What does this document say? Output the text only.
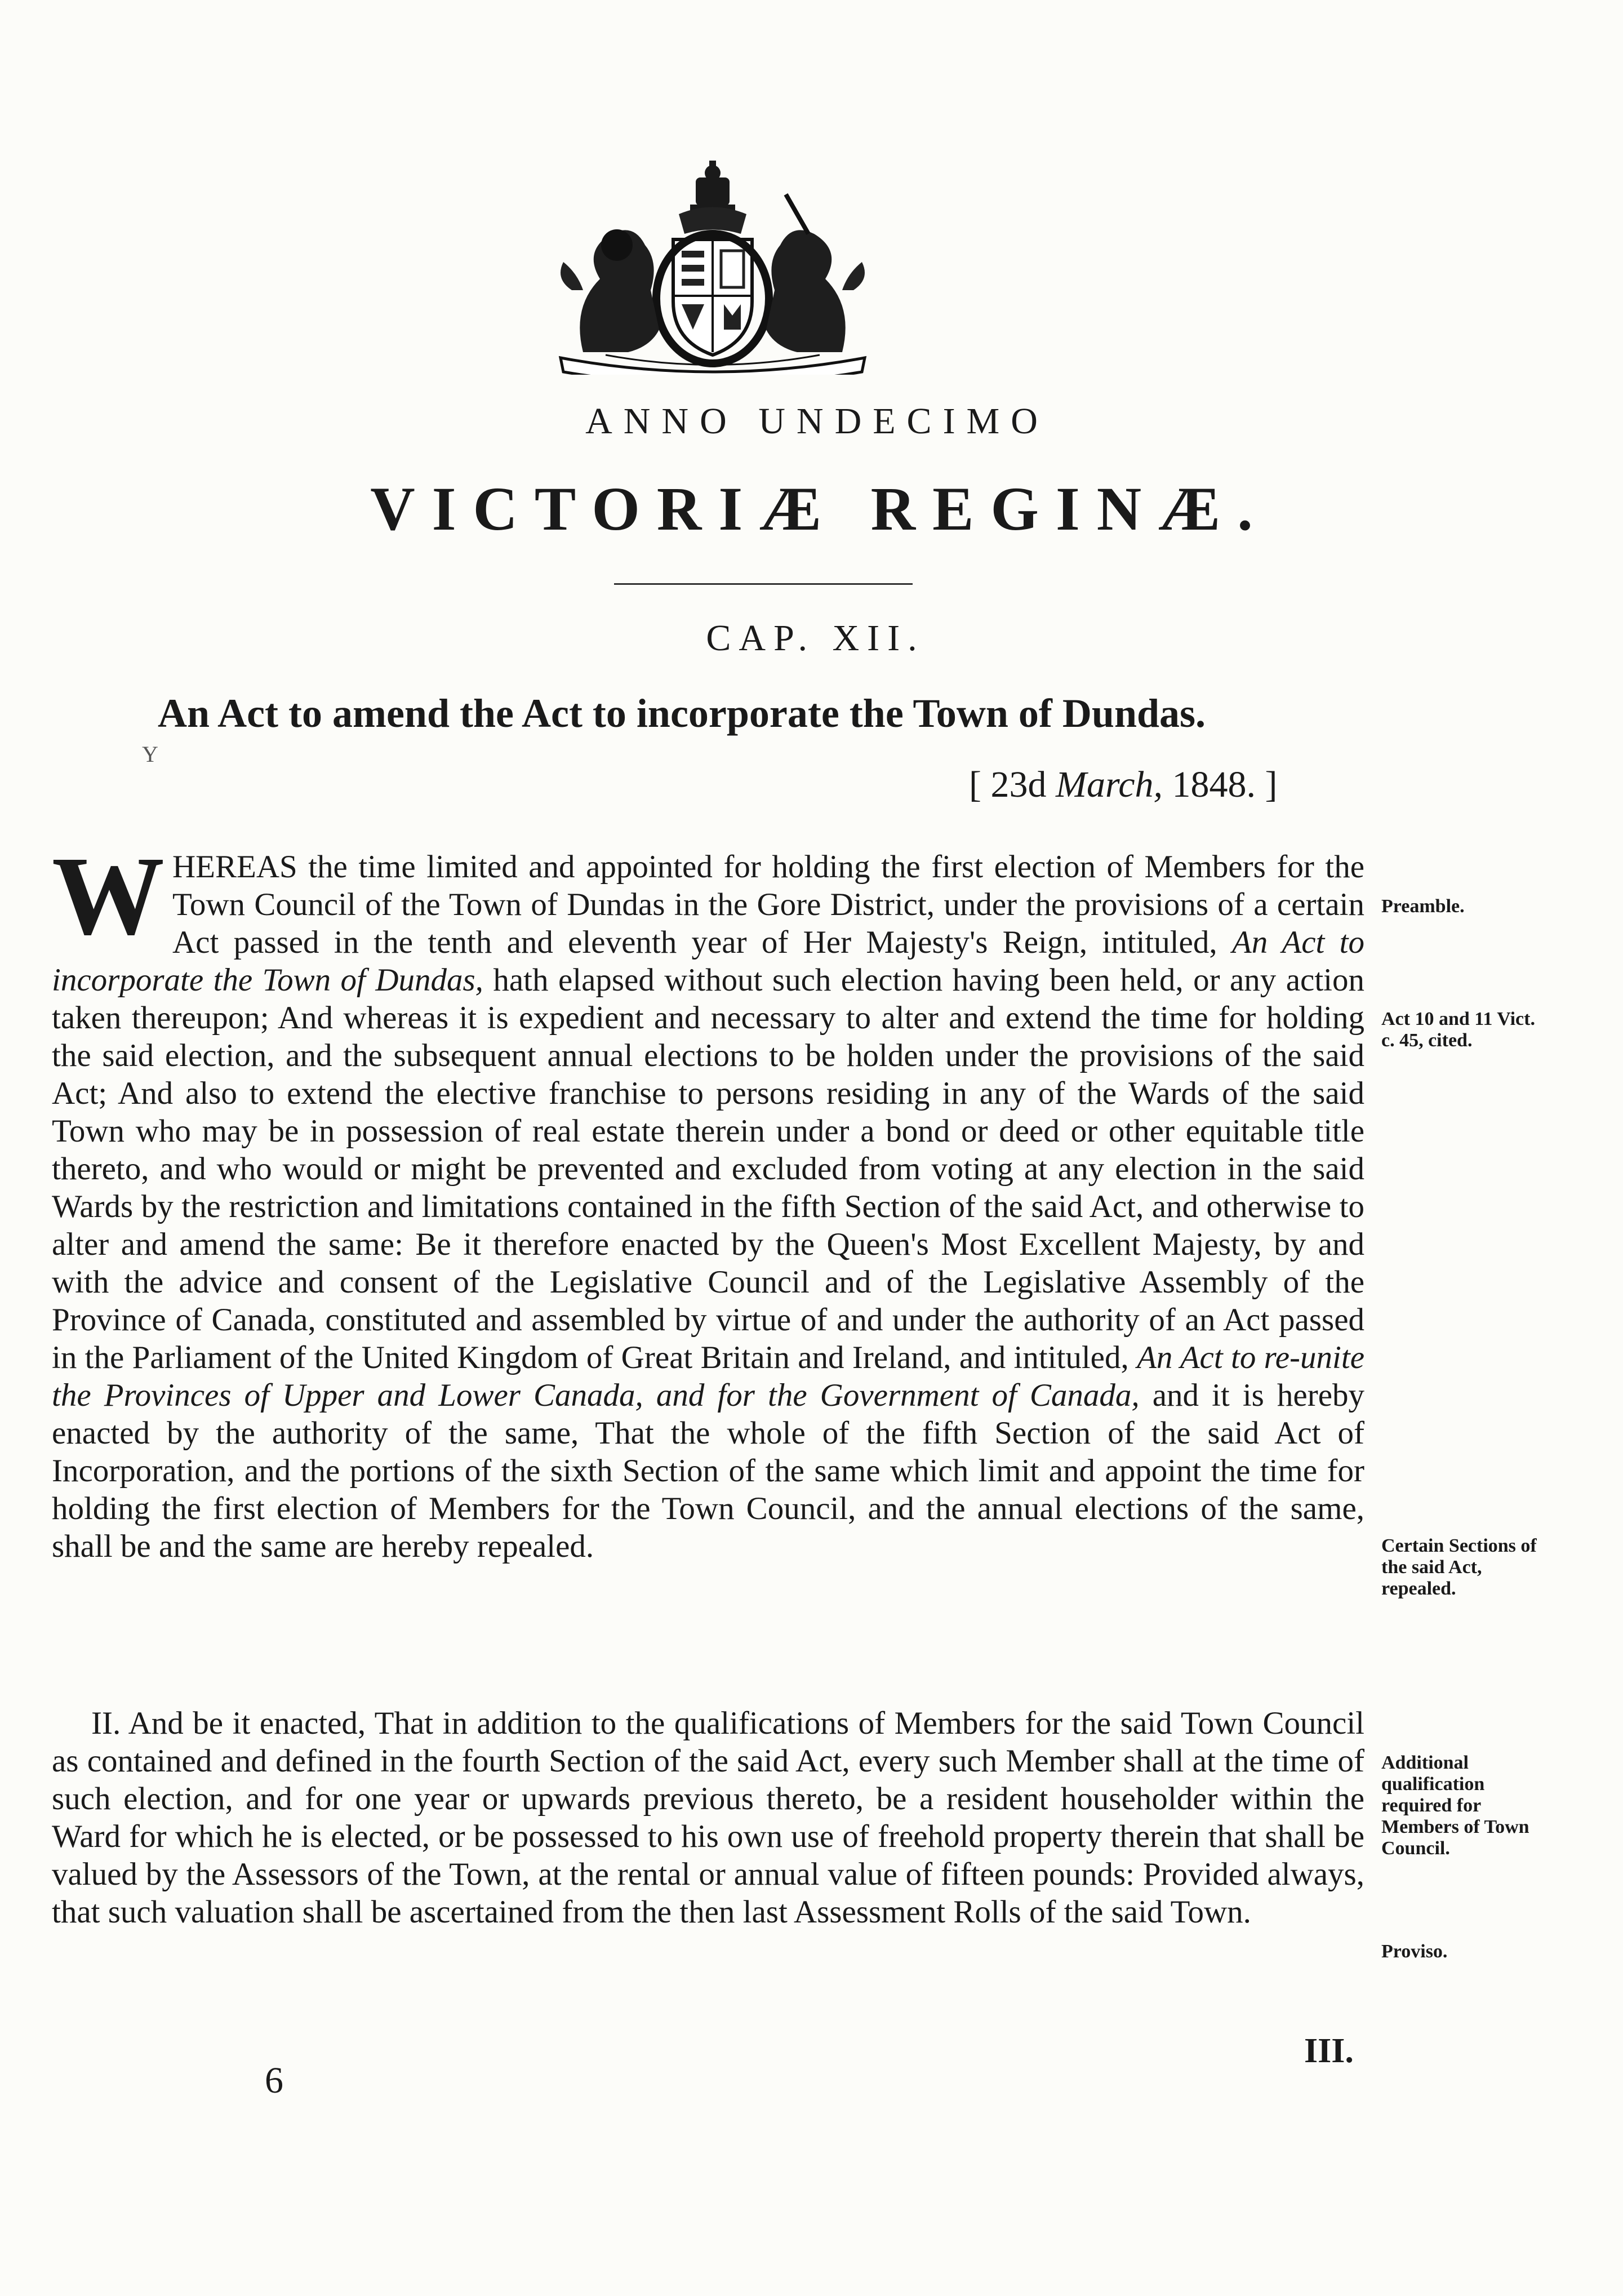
ANNO UNDECIMO
VICTORIÆ REGINÆ.
CAP. XII.
An Act to amend the Act to incorporate the Town of Dundas.
Y
[ 23d March, 1848. ]
WHEREAS the time limited and appointed for holding the first election of Members for the Town Council of the Town of Dundas in the Gore District, under the provisions of a certain Act passed in the tenth and eleventh year of Her Majesty's Reign, intituled, An Act to incorporate the Town of Dundas, hath elapsed without such election having been held, or any action taken thereupon; And whereas it is expedient and necessary to alter and extend the time for holding the said election, and the subsequent annual elections to be holden under the provisions of the said Act; And also to extend the elective franchise to persons residing in any of the Wards of the said Town who may be in possession of real estate therein under a bond or deed or other equitable title thereto, and who would or might be prevented and excluded from voting at any election in the said Wards by the restriction and limitations contained in the fifth Section of the said Act, and otherwise to alter and amend the same: Be it therefore enacted by the Queen's Most Excellent Majesty, by and with the advice and consent of the Legislative Council and of the Legislative Assembly of the Province of Canada, constituted and assembled by virtue of and under the authority of an Act passed in the Parliament of the United Kingdom of Great Britain and Ireland, and intituled, An Act to re-unite the Provinces of Upper and Lower Canada, and for the Government of Canada, and it is hereby enacted by the authority of the same, That the whole of the fifth Section of the said Act of Incorporation, and the portions of the sixth Section of the same which limit and appoint the time for holding the first election of Members for the Town Council, and the annual elections of the same, shall be and the same are hereby repealed.
II. And be it enacted, That in addition to the qualifications of Members for the said Town Council as contained and defined in the fourth Section of the said Act, every such Member shall at the time of such election, and for one year or upwards previous thereto, be a resident householder within the Ward for which he is elected, or be possessed to his own use of freehold property therein that shall be valued by the Assessors of the Town, at the rental or annual value of fifteen pounds: Provided always, that such valuation shall be ascertained from the then last Assessment Rolls of the said Town.
Preamble.
Act 10 and 11 Vict. c. 45, cited.
Certain Sections of the said Act, repealed.
Additional qualification required for Members of Town Council.
Proviso.
III.
6
